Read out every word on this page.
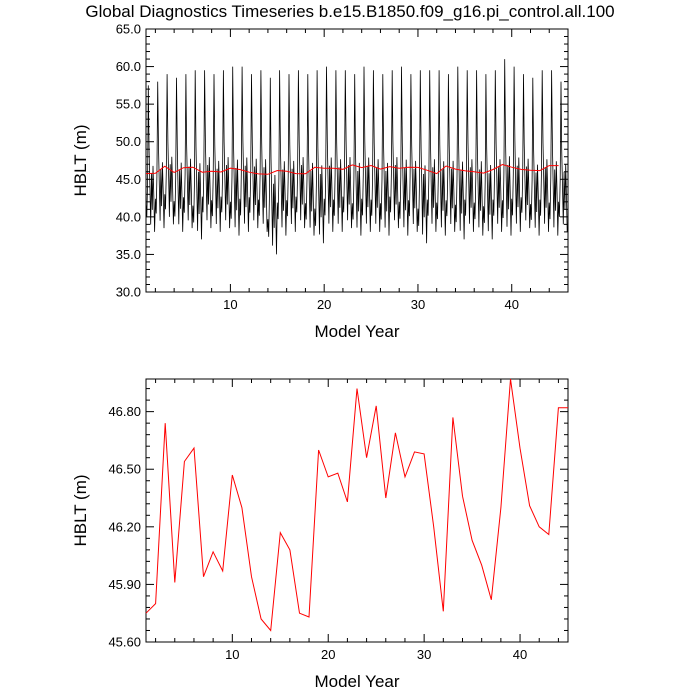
Global Diagnostics Timeseries b.e15.B1850.f09_g16.pi_control.all.100
10	20	30	40
30.0
35.0
40.0
45.0
50.0
55.0
60.0
65.0
Model Year
HBLT (m)
10	20	30	40
45.60
45.90
46.20
46.50
46.80
Model Year
HBLT (m)
